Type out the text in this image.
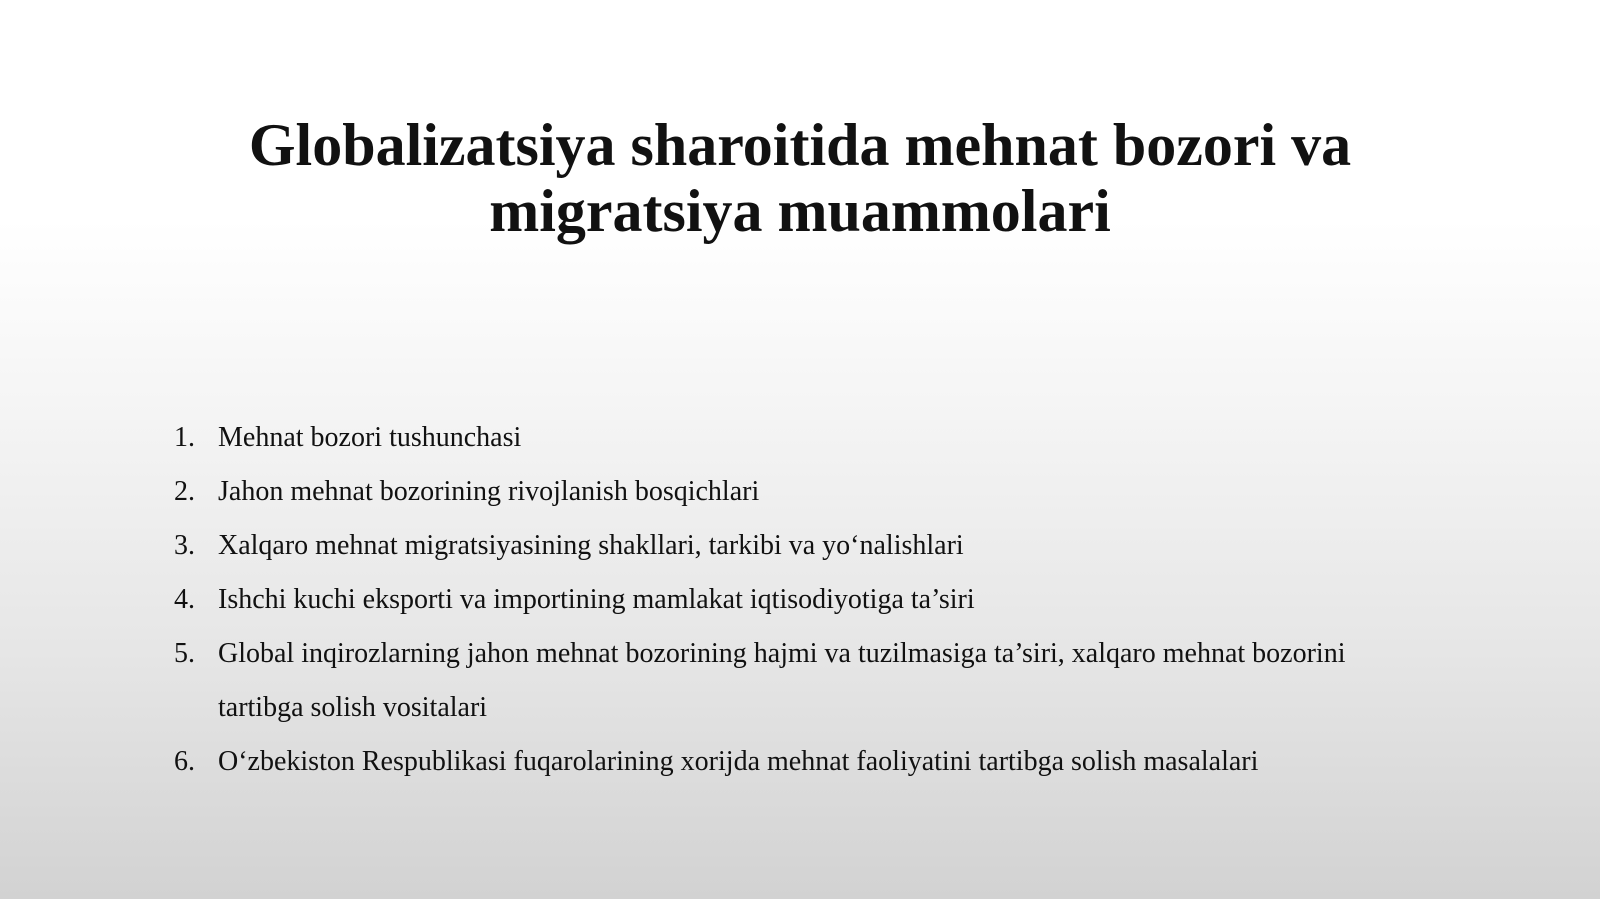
Globalizatsiya sharoitida mehnat bozori va
migratsiya muammolari
1. Mehnat bozori tushunchasi
2. Jahon mehnat bozorining rivojlanish bosqichlari
3. Xalqaro mehnat migratsiyasining shakllari, tarkibi va yo‘nalishlari
4. Ishchi kuchi eksporti va importining mamlakat iqtisodiyotiga ta’siri
5. Global inqirozlarning jahon mehnat bozorining hajmi va tuzilmasiga ta’siri, xalqaro mehnat bozorini tartibga solish vositalari
6. O‘zbekiston Respublikasi fuqarolarining xorijda mehnat faoliyatini tartibga solish masalalari
